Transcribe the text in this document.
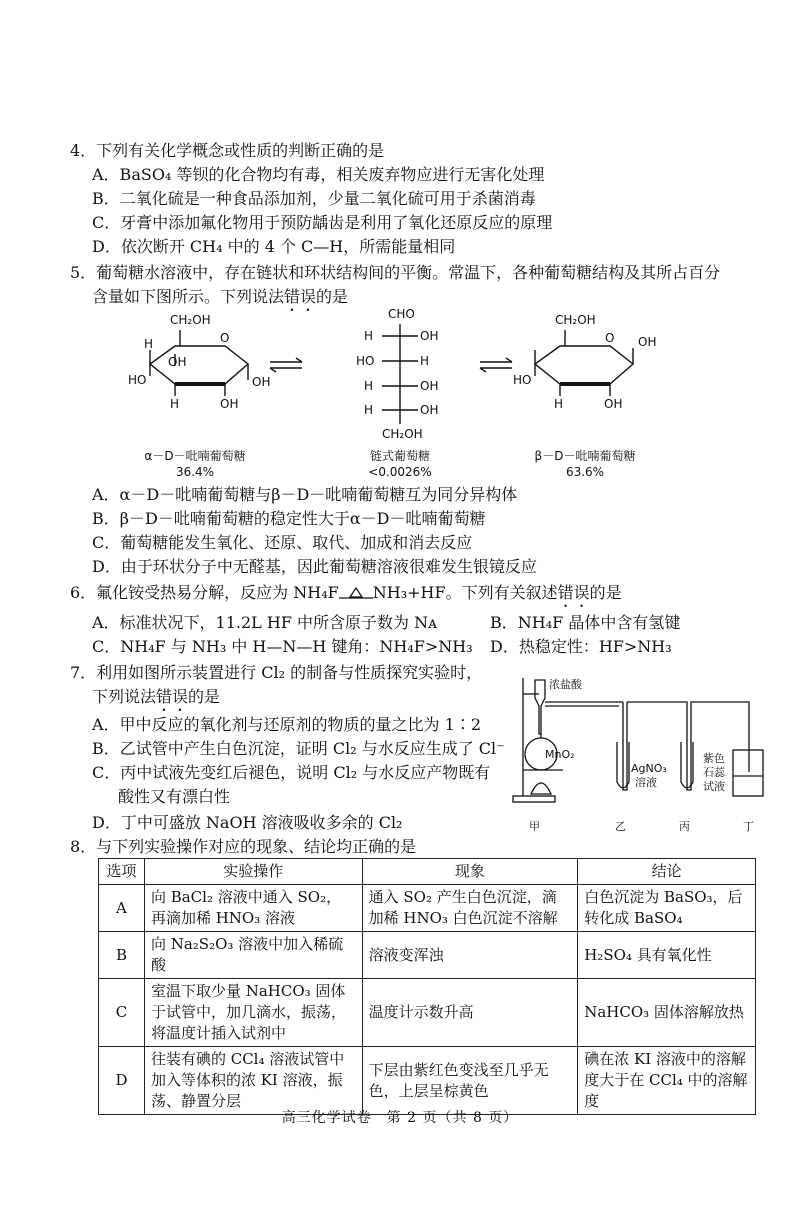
4．下列有关化学概念或性质的判断正确的是
A．BaSO₄ 等钡的化合物均有毒，相关废弃物应进行无害化处理
B．二氧化硫是一种食品添加剂，少量二氧化硫可用于杀菌消毒
C．牙膏中添加氟化物用于预防龋齿是利用了氧化还原反应的原理
D．依次断开 CH₄ 中的 4 个 C—H，所需能量相同
5．葡萄糖水溶液中，存在链状和环状结构间的平衡。常温下，各种葡萄糖结构及其所占百分
含量如下图所示。下列说法错误的是
CH₂OH
O
H
OH
HO	OH
H	OH
CHO
H	OH
HO	H
H	OH
H	OH
CH₂OH
CH₂OH
O OH
HO
H	OH
α－D－吡喃葡萄糖
36.4%
链式葡萄糖
<0.0026%
β－D－吡喃葡萄糖
63.6%
A．α－D－吡喃葡萄糖与β－D－吡喃葡萄糖互为同分异构体
B．β－D－吡喃葡萄糖的稳定性大于α－D－吡喃葡萄糖
C．葡萄糖能发生氧化、还原、取代、加成和消去反应
D．由于环状分子中无醛基，因此葡萄糖溶液很难发生银镜反应
6．氟化铵受热易分解，反应为 NH₄F NH₃+HF。下列有关叙述错误的是
A．标准状况下，11.2L HF 中所含原子数为 Nᴀ	B．NH₄F 晶体中含有氢键
C．NH₄F 与 NH₃ 中 H—N—H 键角：NH₄F>NH₃ D．热稳定性：HF>NH₃
7．利用如图所示装置进行 Cl₂ 的制备与性质探究实验时，
下列说法错误的是
A．甲中反应的氧化剂与还原剂的物质的量之比为 1∶2
B．乙试管中产生白色沉淀，证明 Cl₂ 与水反应生成了 Cl⁻
C．丙中试液先变红后褪色，说明 Cl₂ 与水反应产物既有
酸性又有漂白性
D．丁中可盛放 NaOH 溶液吸收多余的 Cl₂
浓盐酸
MnO₂
AgNO₃
溶液
紫色
石蕊
试液
甲	乙	丙	丁
8．与下列实验操作对应的现象、结论均正确的是
选项	实验操作	现象	结论
A	向 BaCl₂ 溶液中通入 SO₂，再滴加稀 HNO₃ 溶液	通入 SO₂ 产生白色沉淀，滴加稀 HNO₃ 白色沉淀不溶解	白色沉淀为 BaSO₃，后转化成 BaSO₄
B	向 Na₂S₂O₃ 溶液中加入稀硫酸	溶液变浑浊	H₂SO₄ 具有氧化性
C	室温下取少量 NaHCO₃ 固体于试管中，加几滴水，振荡，将温度计插入试剂中	温度计示数升高	NaHCO₃ 固体溶解放热
D	往装有碘的 CCl₄ 溶液试管中加入等体积的浓 KI 溶液，振荡、静置分层	下层由紫红色变浅至几乎无色，上层呈棕黄色	碘在浓 KI 溶液中的溶解度大于在 CCl₄ 中的溶解度
高三化学试卷　第 2 页（共 8 页）
